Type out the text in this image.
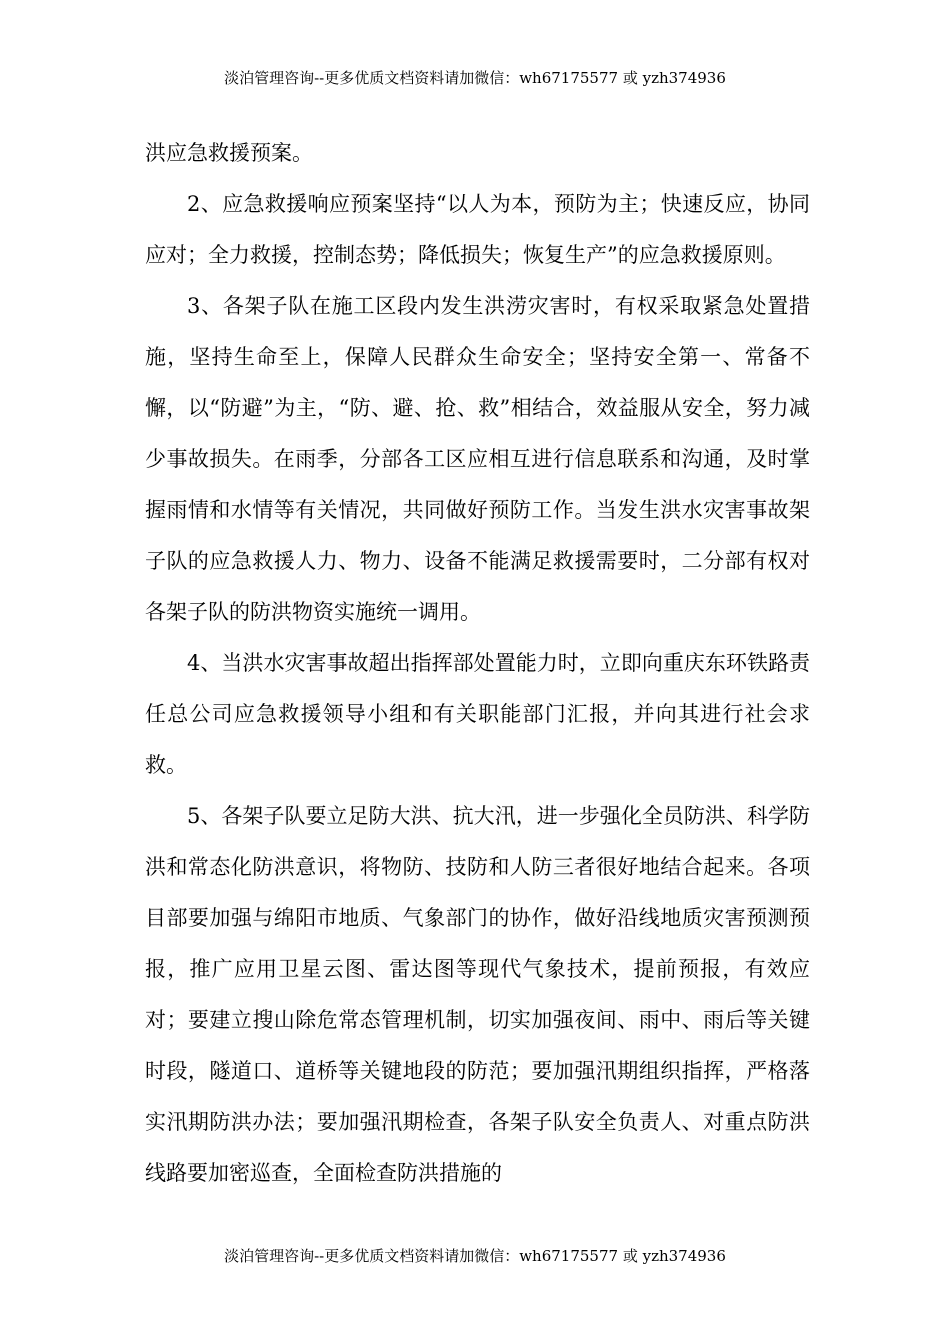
淡泊管理咨询--更多优质文档资料请加微信：wh67175577 或 yzh374936

洪应急救援预案。

2、应急救援响应预案坚持“以人为本，预防为主；快速反应，协同应对；全力救援，控制态势；降低损失；恢复生产”的应急救援原则。

3、各架子队在施工区段内发生洪涝灾害时，有权采取紧急处置措施，坚持生命至上，保障人民群众生命安全；坚持安全第一、常备不懈，以“防避”为主，“防、避、抢、救”相结合，效益服从安全，努力减少事故损失。在雨季，分部各工区应相互进行信息联系和沟通，及时掌握雨情和水情等有关情况，共同做好预防工作。当发生洪水灾害事故架子队的应急救援人力、物力、设备不能满足救援需要时，二分部有权对各架子队的防洪物资实施统一调用。

4、当洪水灾害事故超出指挥部处置能力时，立即向重庆东环铁路责任总公司应急救援领导小组和有关职能部门汇报，并向其进行社会求救。

5、各架子队要立足防大洪、抗大汛，进一步强化全员防洪、科学防洪和常态化防洪意识，将物防、技防和人防三者很好地结合起来。各项目部要加强与绵阳市地质、气象部门的协作，做好沿线地质灾害预测预报，推广应用卫星云图、雷达图等现代气象技术，提前预报，有效应对；要建立搜山除危常态管理机制，切实加强夜间、雨中、雨后等关键时段，隧道口、道桥等关键地段的防范；要加强汛期组织指挥，严格落实汛期防洪办法；要加强汛期检查，各架子队安全负责人、对重点防洪线路要加密巡查，全面检查防洪措施的

淡泊管理咨询--更多优质文档资料请加微信：wh67175577 或 yzh374936
